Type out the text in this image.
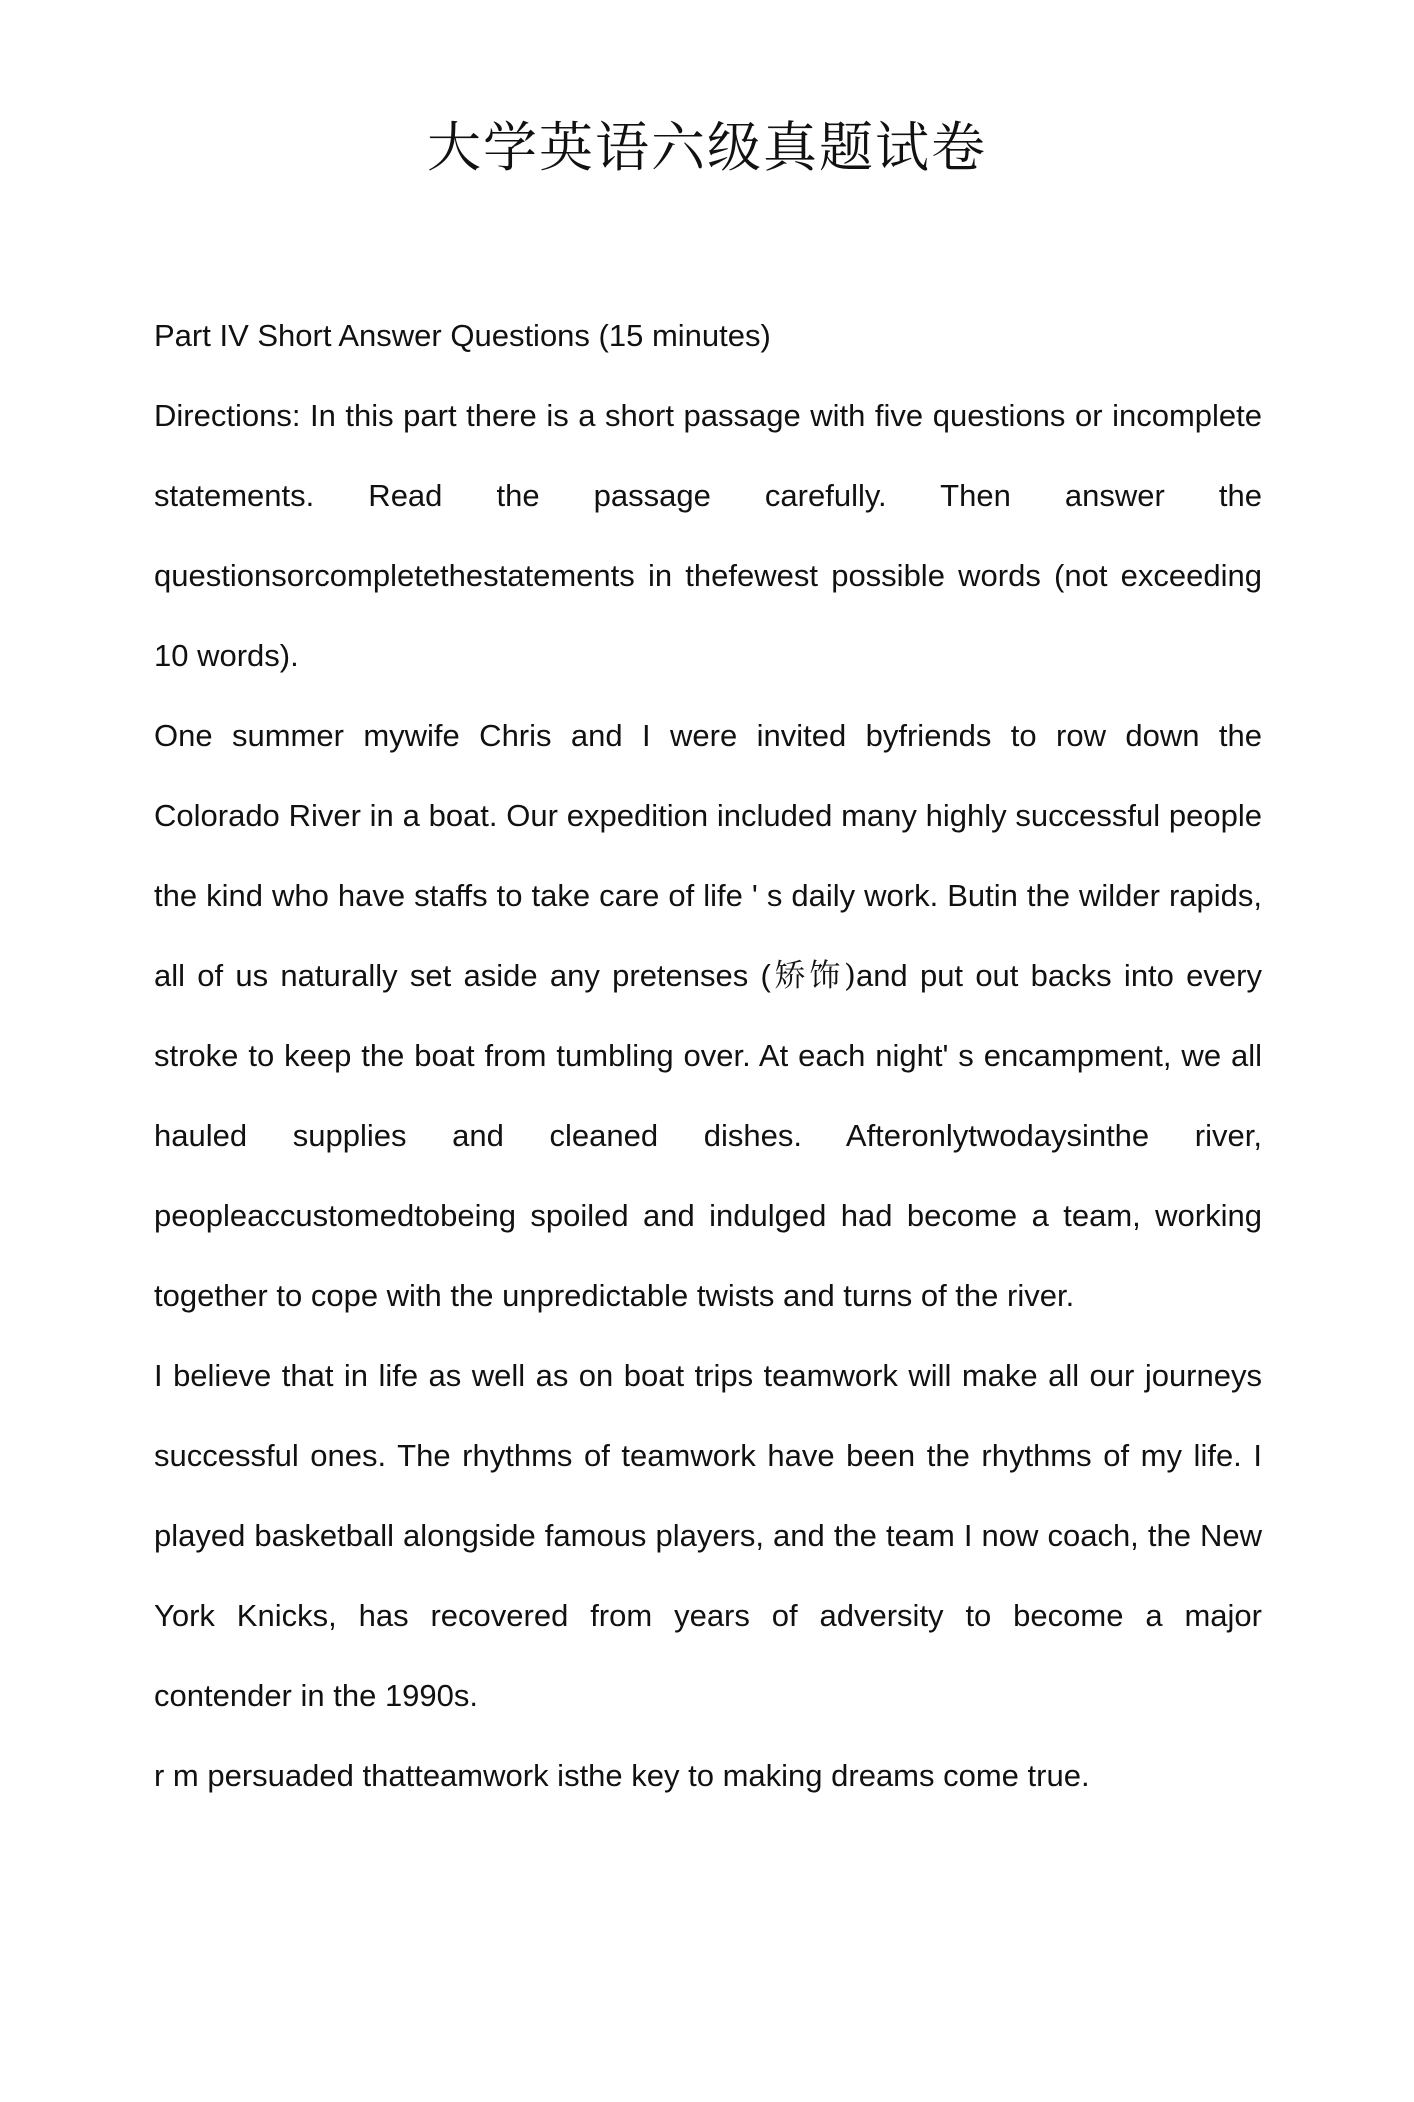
大学英语六级真题试卷

Part IV Short Answer Questions (15 minutes)

Directions: In this part there is a short passage with five questions or incomplete statements. Read the passage carefully. Then answer the questionsorcompletethestatements in thefewest possible words (not exceeding 10 words).

One summer mywife Chris and I were invited byfriends to row down the Colorado River in a boat. Our expedition included many highly successful people the kind who have staffs to take care of life ' s daily work. Butin the wilder rapids, all of us naturally set aside any pretenses (矫饰)and put out backs into every stroke to keep the boat from tumbling over. At each night' s encampment, we all hauled supplies and cleaned dishes. Afteronlytwodaysinthe river, peopleaccustomedtobeing spoiled and indulged had become a team, working together to cope with the unpredictable twists and turns of the river.

I believe that in life as well as on boat trips teamwork will make all our journeys successful ones. The rhythms of teamwork have been the rhythms of my life. I played basketball alongside famous players, and the team I now coach, the New York Knicks, has recovered from years of adversity to become a major contender in the 1990s.

r m persuaded thatteamwork isthe key to making dreams come true.
